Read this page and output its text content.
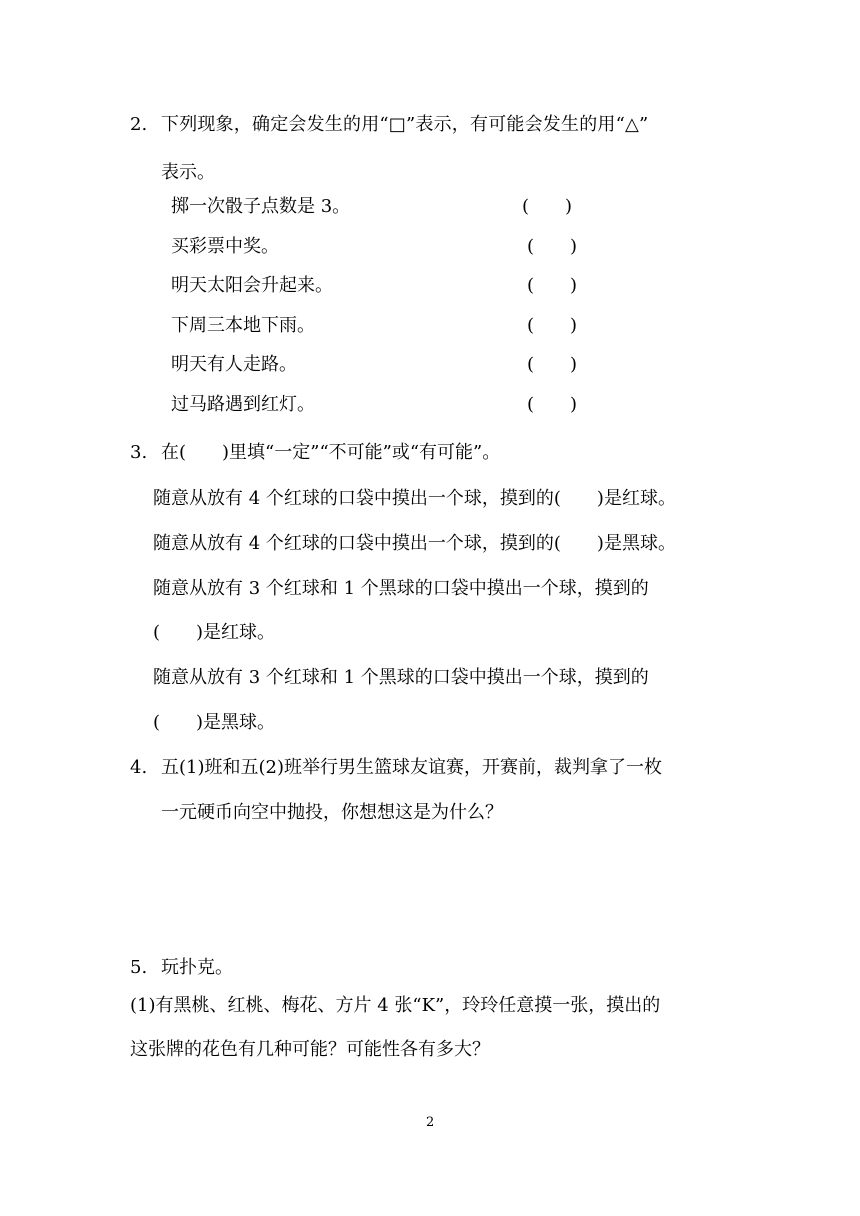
2. 下列现象，确定会发生的用“□”表示，有可能会发生的用“△”
表示。
掷一次骰子点数是 3。	(　　)
买彩票中奖。	(　　)
明天太阳会升起来。	(　　)
下周三本地下雨。	(　　)
明天有人走路。	(　　)
过马路遇到红灯。	(　　)
3. 在(　　)里填“一定”“不可能”或“有可能”。
随意从放有 4 个红球的口袋中摸出一个球，摸到的(　　)是红球。
随意从放有 4 个红球的口袋中摸出一个球，摸到的(　　)是黑球。
随意从放有 3 个红球和 1 个黑球的口袋中摸出一个球，摸到的
(　　)是红球。
随意从放有 3 个红球和 1 个黑球的口袋中摸出一个球，摸到的
(　　)是黑球。
4. 五(1)班和五(2)班举行男生篮球友谊赛，开赛前，裁判拿了一枚
一元硬币向空中抛投，你想想这是为什么？
5. 玩扑克。
(1)有黑桃、红桃、梅花、方片 4 张“K”，玲玲任意摸一张，摸出的
这张牌的花色有几种可能？可能性各有多大？
2
